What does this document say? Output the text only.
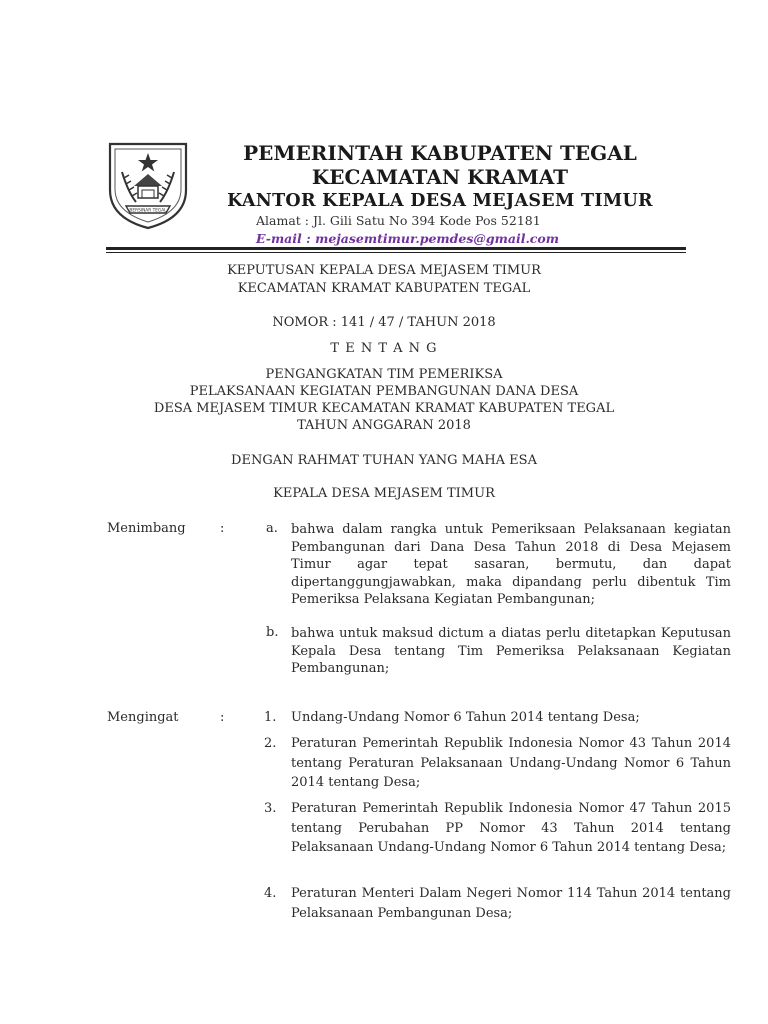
BERSINAR TEGAL
PEMERINTAH KABUPATEN TEGAL
KECAMATAN KRAMAT
KANTOR KEPALA DESA MEJASEM TIMUR
Alamat : Jl. Gili Satu No 394 Kode Pos 52181
E-mail : mejasemtimur.pemdes@gmail.com
KEPUTUSAN KEPALA DESA MEJASEM TIMUR
KECAMATAN KRAMAT KABUPATEN TEGAL
NOMOR : 141 / 47 / TAHUN 2018
T E N T A N G
PENGANGKATAN TIM PEMERIKSA
PELAKSANAAN KEGIATAN PEMBANGUNAN DANA DESA
DESA MEJASEM TIMUR KECAMATAN KRAMAT KABUPATEN TEGAL
TAHUN ANGGARAN 2018
DENGAN RAHMAT TUHAN YANG MAHA ESA
KEPALA DESA MEJASEM TIMUR
Menimbang	:	a. bahwa dalam rangka untuk Pemeriksaan Pelaksanaan kegiatan Pembangunan dari Dana Desa Tahun 2018 di Desa Mejasem Timur agar tepat sasaran, bermutu, dan dapat dipertanggungjawabkan, maka dipandang perlu dibentuk Tim Pemeriksa Pelaksana Kegiatan Pembangunan;
b. bahwa untuk maksud dictum a diatas perlu ditetapkan Keputusan Kepala Desa tentang Tim Pemeriksa Pelaksanaan Kegiatan Pembangunan;
Mengingat	:	1. Undang-Undang Nomor 6 Tahun 2014 tentang Desa;
2. Peraturan Pemerintah Republik Indonesia Nomor 43 Tahun 2014 tentang Peraturan Pelaksanaan Undang-Undang Nomor 6 Tahun 2014 tentang Desa;
3. Peraturan Pemerintah Republik Indonesia Nomor 47 Tahun 2015 tentang Perubahan PP Nomor 43 Tahun 2014 tentang Pelaksanaan Undang-Undang Nomor 6 Tahun 2014 tentang Desa;
4. Peraturan Menteri Dalam Negeri Nomor 114 Tahun 2014 tentang Pelaksanaan Pembangunan Desa;
